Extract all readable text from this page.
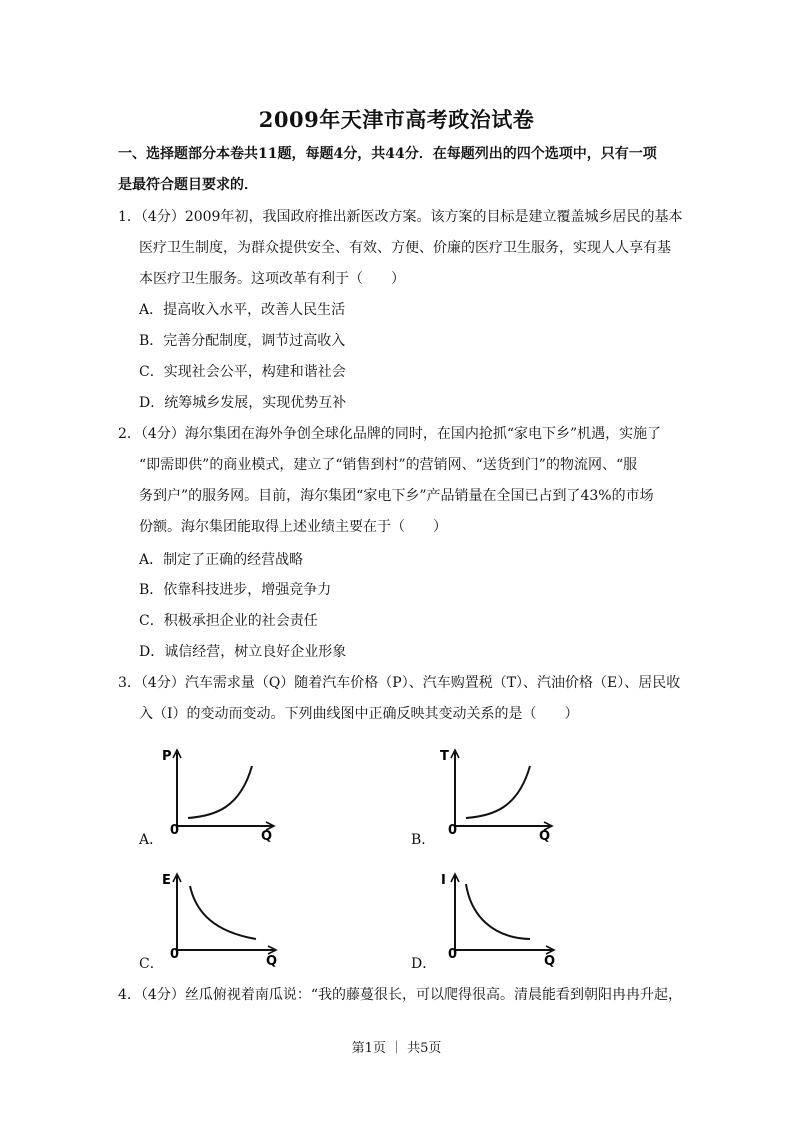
2009年天津市高考政治试卷
一、选择题部分本卷共11题，每题4分，共44分．在每题列出的四个选项中，只有一项
是最符合题目要求的．
1．（4分）2009年初，我国政府推出新医改方案。该方案的目标是建立覆盖城乡居民的基本
医疗卫生制度，为群众提供安全、有效、方便、价廉的医疗卫生服务，实现人人享有基
本医疗卫生服务。这项改革有利于（　　）
A．提高收入水平，改善人民生活
B．完善分配制度，调节过高收入
C．实现社会公平，构建和谐社会
D．统筹城乡发展，实现优势互补
2．（4分）海尔集团在海外争创全球化品牌的同时，在国内抢抓“家电下乡”机遇，实施了
“即需即供”的商业模式，建立了“销售到村”的营销网、“送货到门”的物流网、“服
务到户”的服务网。目前，海尔集团“家电下乡”产品销量在全国已占到了43%的市场
份额。海尔集团能取得上述业绩主要在于（　　）
A．制定了正确的经营战略
B．依靠科技进步，增强竞争力
C．积极承担企业的社会责任
D．诚信经营，树立良好企业形象
3．（4分）汽车需求量（Q）随着汽车价格（P）、汽车购置税（T）、汽油价格（E）、居民收
入（I）的变动而变动。下列曲线图中正确反映其变动关系的是（　　）
A．
P
0	Q	B．
T
0	Q
C．
E
0	Q	D．
I
0	Q
4．（4分）丝瓜俯视着南瓜说：“我的藤蔓很长，可以爬得很高。清晨能看到朝阳冉冉升起，
第1页 ｜ 共5页
